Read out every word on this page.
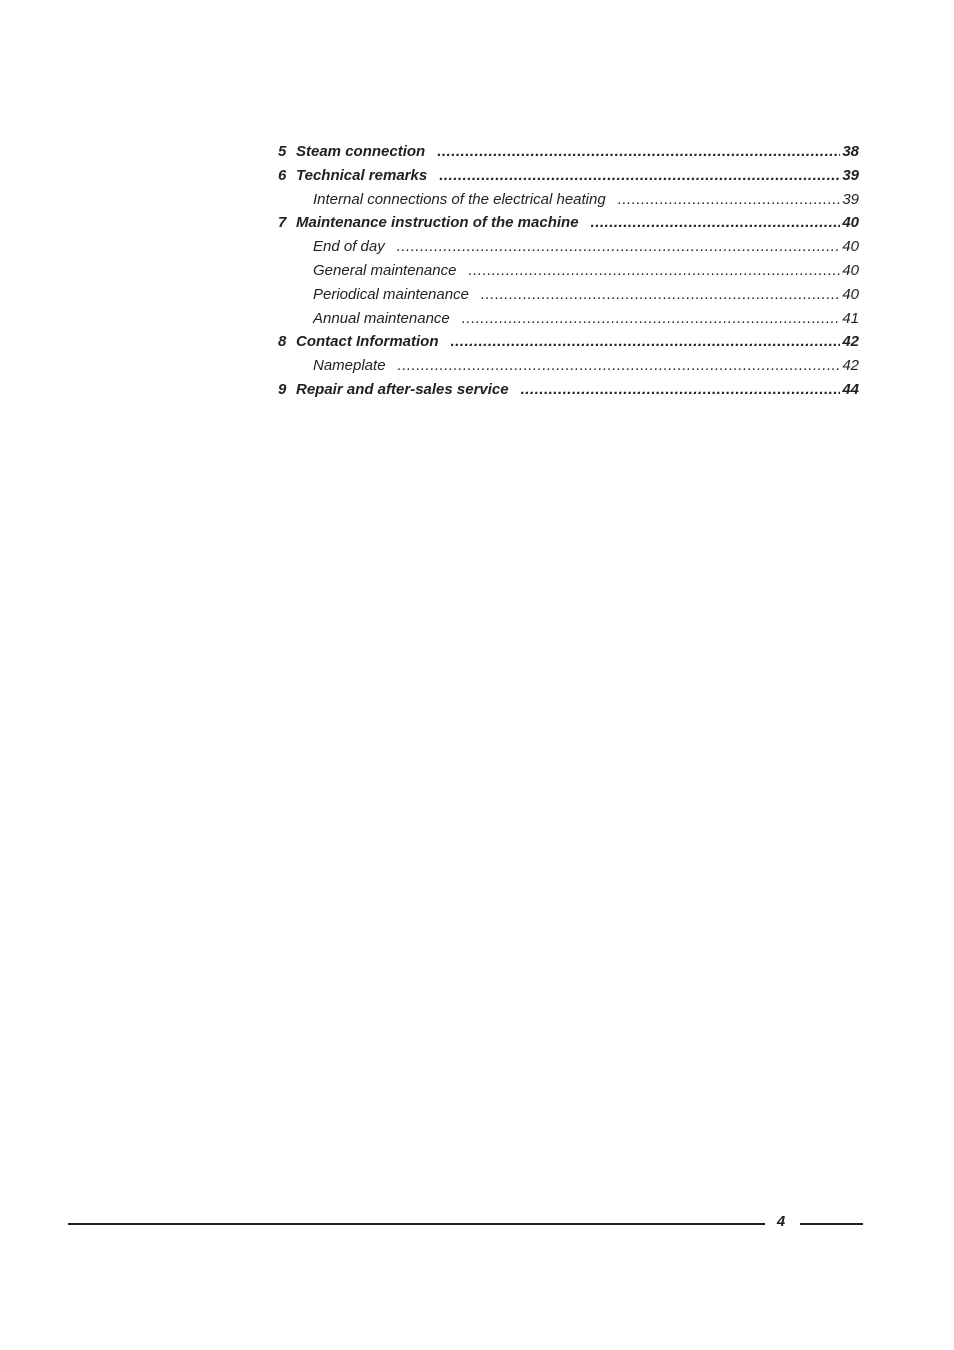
5 Steam connection .....	38
6 Technical remarks .....	39
Internal connections of the electrical heating .....	39
7 Maintenance instruction of the machine .....	40
End of day .....	40
General maintenance .....	40
Periodical maintenance .....	40
Annual maintenance .....	41
8 Contact Information .....	42
Nameplate .....	42
9 Repair and after-sales service .....	44
4
